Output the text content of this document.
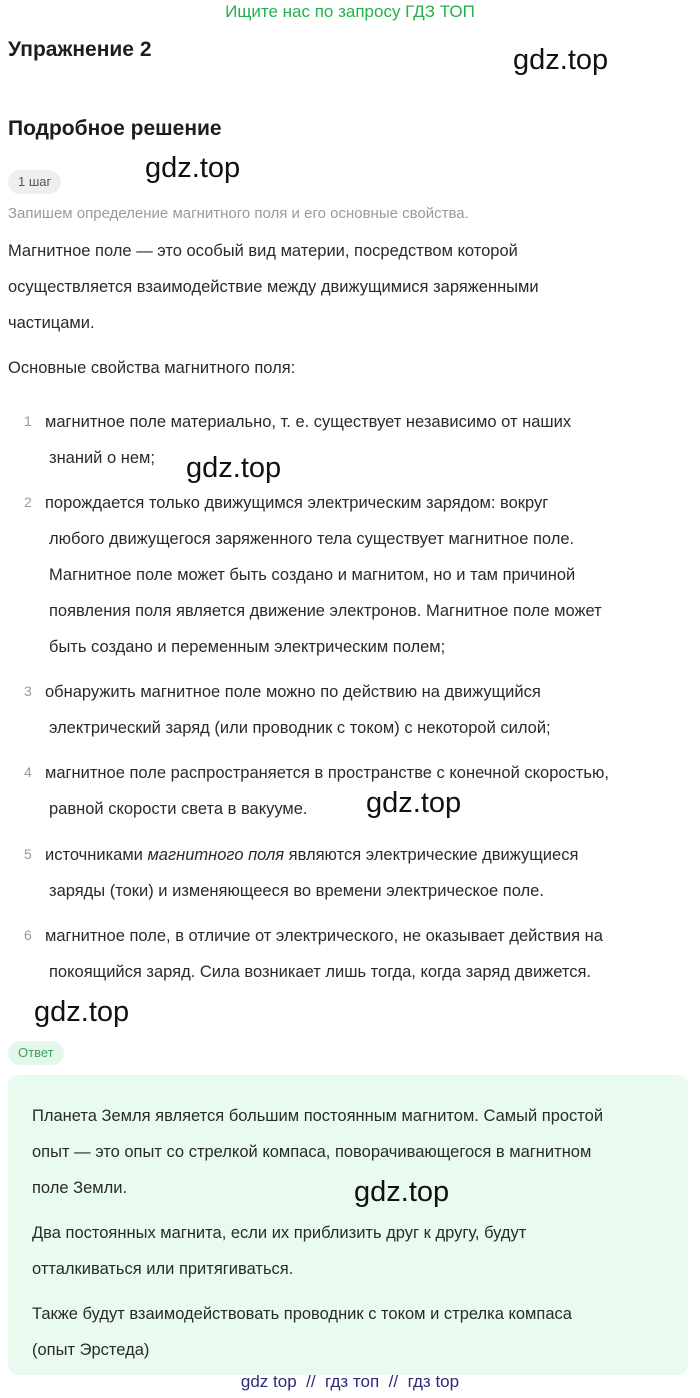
Ищите нас по запросу ГДЗ ТОП
Упражнение 2	gdz.top
Подробное решение
1 шаг	gdz.top
Запишем определение магнитного поля и его основные свойства.
Магнитное поле — это особый вид материи, посредством которой
осуществляется взаимодействие между движущимися заряженными
частицами.
Основные свойства магнитного поля:
1 магнитное поле материально, т. е. существует независимо от наших
знаний о нем;	gdz.top
2 порождается только движущимся электрическим зарядом: вокруг
любого движущегося заряженного тела существует магнитное поле.
Магнитное поле может быть создано и магнитом, но и там причиной
появления поля является движение электронов. Магнитное поле может
быть создано и переменным электрическим полем;
3 обнаружить магнитное поле можно по действию на движущийся
электрический заряд (или проводник с током) с некоторой силой;
4 магнитное поле распространяется в пространстве с конечной скоростью,
равной скорости света в вакууме.	gdz.top
5 источниками магнитного поля являются электрические движущиеся
заряды (токи) и изменяющееся во времени электрическое поле.
6 магнитное поле, в отличие от электрического, не оказывает действия на
покоящийся заряд. Сила возникает лишь тогда, когда заряд движется.
gdz.top
Ответ
Планета Земля является большим постоянным магнитом. Самый простой
опыт — это опыт со стрелкой компаса, поворачивающегося в магнитном
поле Земли.	gdz.top
Два постоянных магнита, если их приблизить друг к другу, будут
отталкиваться или притягиваться.
Также будут взаимодействовать проводник с током и стрелка компаса
(опыт Эрстеда)
gdz top // гдз топ // гдз top
